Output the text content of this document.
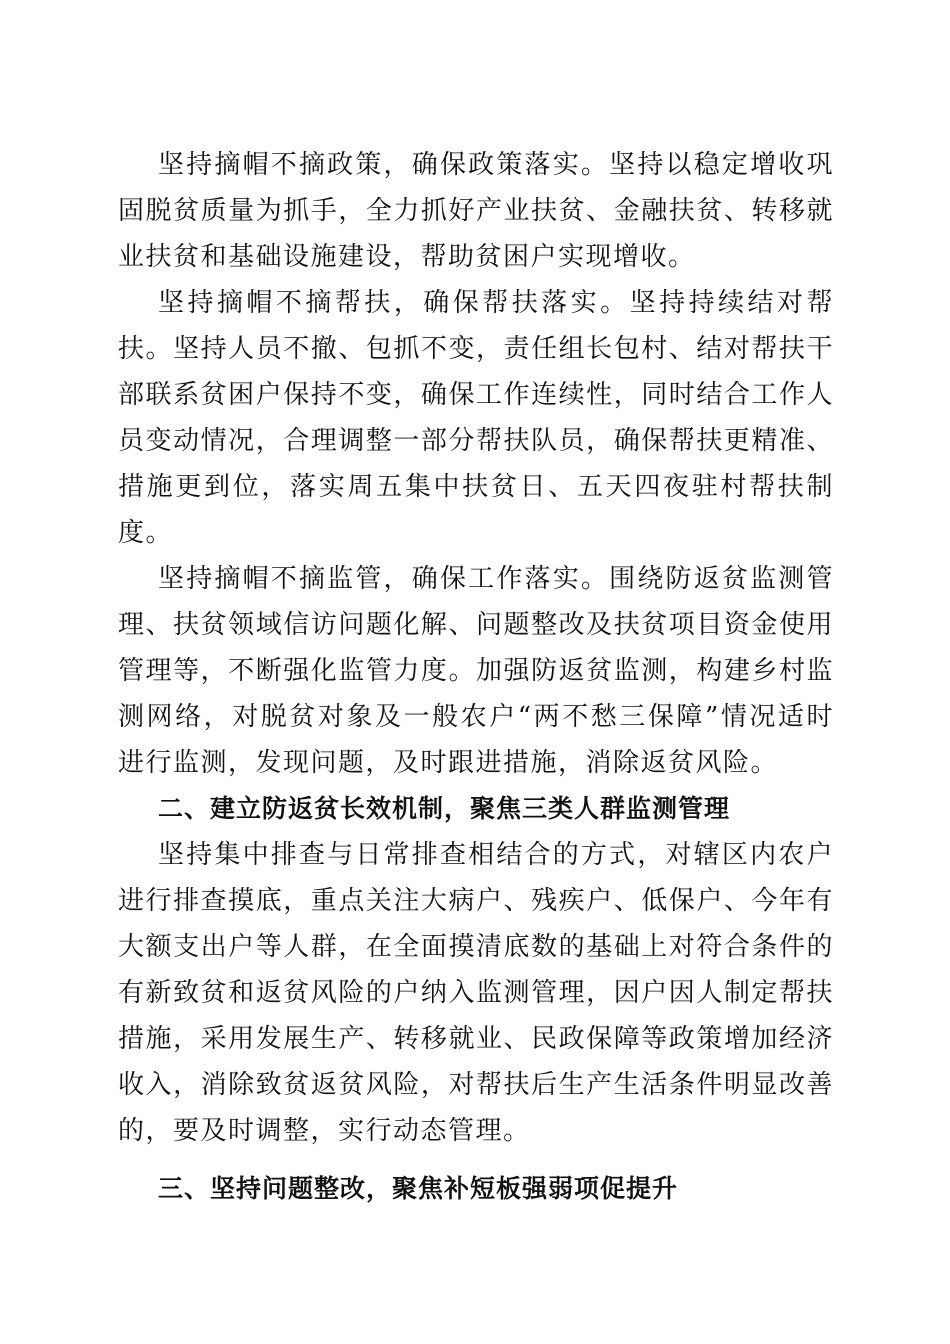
坚持摘帽不摘政策，确保政策落实。坚持以稳定增收巩固脱贫质量为抓手，全力抓好产业扶贫、金融扶贫、转移就业扶贫和基础设施建设，帮助贫困户实现增收。

坚持摘帽不摘帮扶，确保帮扶落实。坚持持续结对帮扶。坚持人员不撤、包抓不变，责任组长包村、结对帮扶干部联系贫困户保持不变，确保工作连续性，同时结合工作人员变动情况，合理调整一部分帮扶队员，确保帮扶更精准、措施更到位，落实周五集中扶贫日、五天四夜驻村帮扶制度。

坚持摘帽不摘监管，确保工作落实。围绕防返贫监测管理、扶贫领域信访问题化解、问题整改及扶贫项目资金使用管理等，不断强化监管力度。加强防返贫监测，构建乡村监测网络，对脱贫对象及一般农户“两不愁三保障”情况适时进行监测，发现问题，及时跟进措施，消除返贫风险。

二、建立防返贫长效机制，聚焦三类人群监测管理

坚持集中排查与日常排查相结合的方式，对辖区内农户进行排查摸底，重点关注大病户、残疾户、低保户、今年有大额支出户等人群，在全面摸清底数的基础上对符合条件的有新致贫和返贫风险的户纳入监测管理，因户因人制定帮扶措施，采用发展生产、转移就业、民政保障等政策增加经济收入，消除致贫返贫风险，对帮扶后生产生活条件明显改善的，要及时调整，实行动态管理。

三、坚持问题整改，聚焦补短板强弱项促提升
